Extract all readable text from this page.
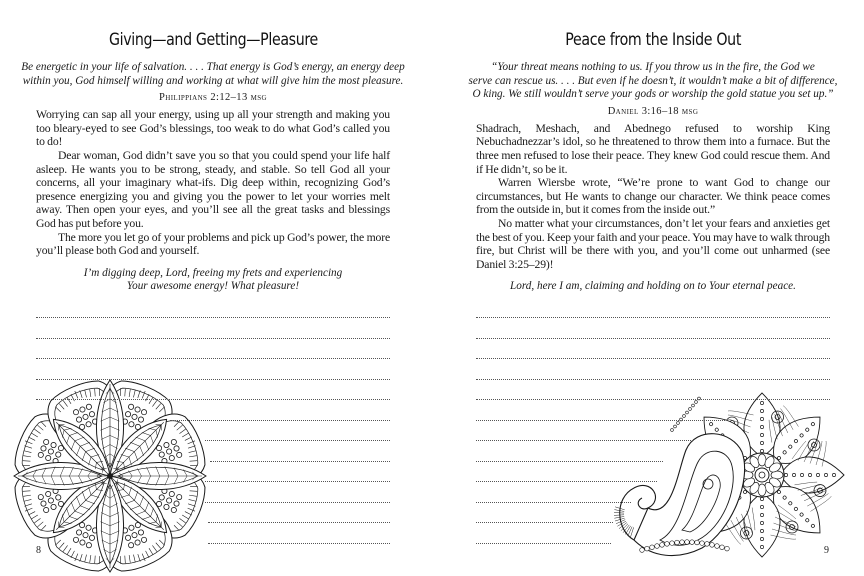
Giving—and Getting—Pleasure
Be energetic in your life of salvation. . . . That energy is God’s energy, an energy deep
within you, God himself willing and working at what will give him the most pleasure.
Philippians 2:12–13 msg

Worrying can sap all your energy, using up all your strength and making you too bleary-eyed to see God’s blessings, too weak to do what God’s called you to do!

Dear woman, God didn’t save you so that you could spend your life half asleep. He wants you to be strong, steady, and stable. So tell God all your concerns, all your imaginary what-ifs. Dig deep within, recognizing God’s presence energizing you and giving you the power to let your worries melt away. Then open your eyes, and you’ll see all the great tasks and blessings God has put before you.

The more you let go of your problems and pick up God’s power, the more you’ll please both God and yourself.

I’m digging deep, Lord, freeing my frets and experiencing
Your awesome energy! What pleasure!
8
Peace from the Inside Out
“Your threat means nothing to us. If you throw us in the fire, the God we
serve can rescue us. . . . But even if he doesn’t, it wouldn’t make a bit of difference,
O king. We still wouldn’t serve your gods or worship the gold statue you set up.”
Daniel 3:16–18 msg

Shadrach, Meshach, and Abednego refused to worship King Nebuchadnezzar’s idol, so he threatened to throw them into a furnace. But the three men refused to lose their peace. They knew God could rescue them. And if He didn’t, so be it.

Warren Wiersbe wrote, “We’re prone to want God to change our circumstances, but He wants to change our character. We think peace comes from the outside in, but it comes from the inside out.”

No matter what your circumstances, don’t let your fears and anxieties get the best of you. Keep your faith and your peace. You may have to walk through fire, but Christ will be there with you, and you’ll come out unharmed (see Daniel 3:25–29)!

Lord, here I am, claiming and holding on to Your eternal peace.
9
